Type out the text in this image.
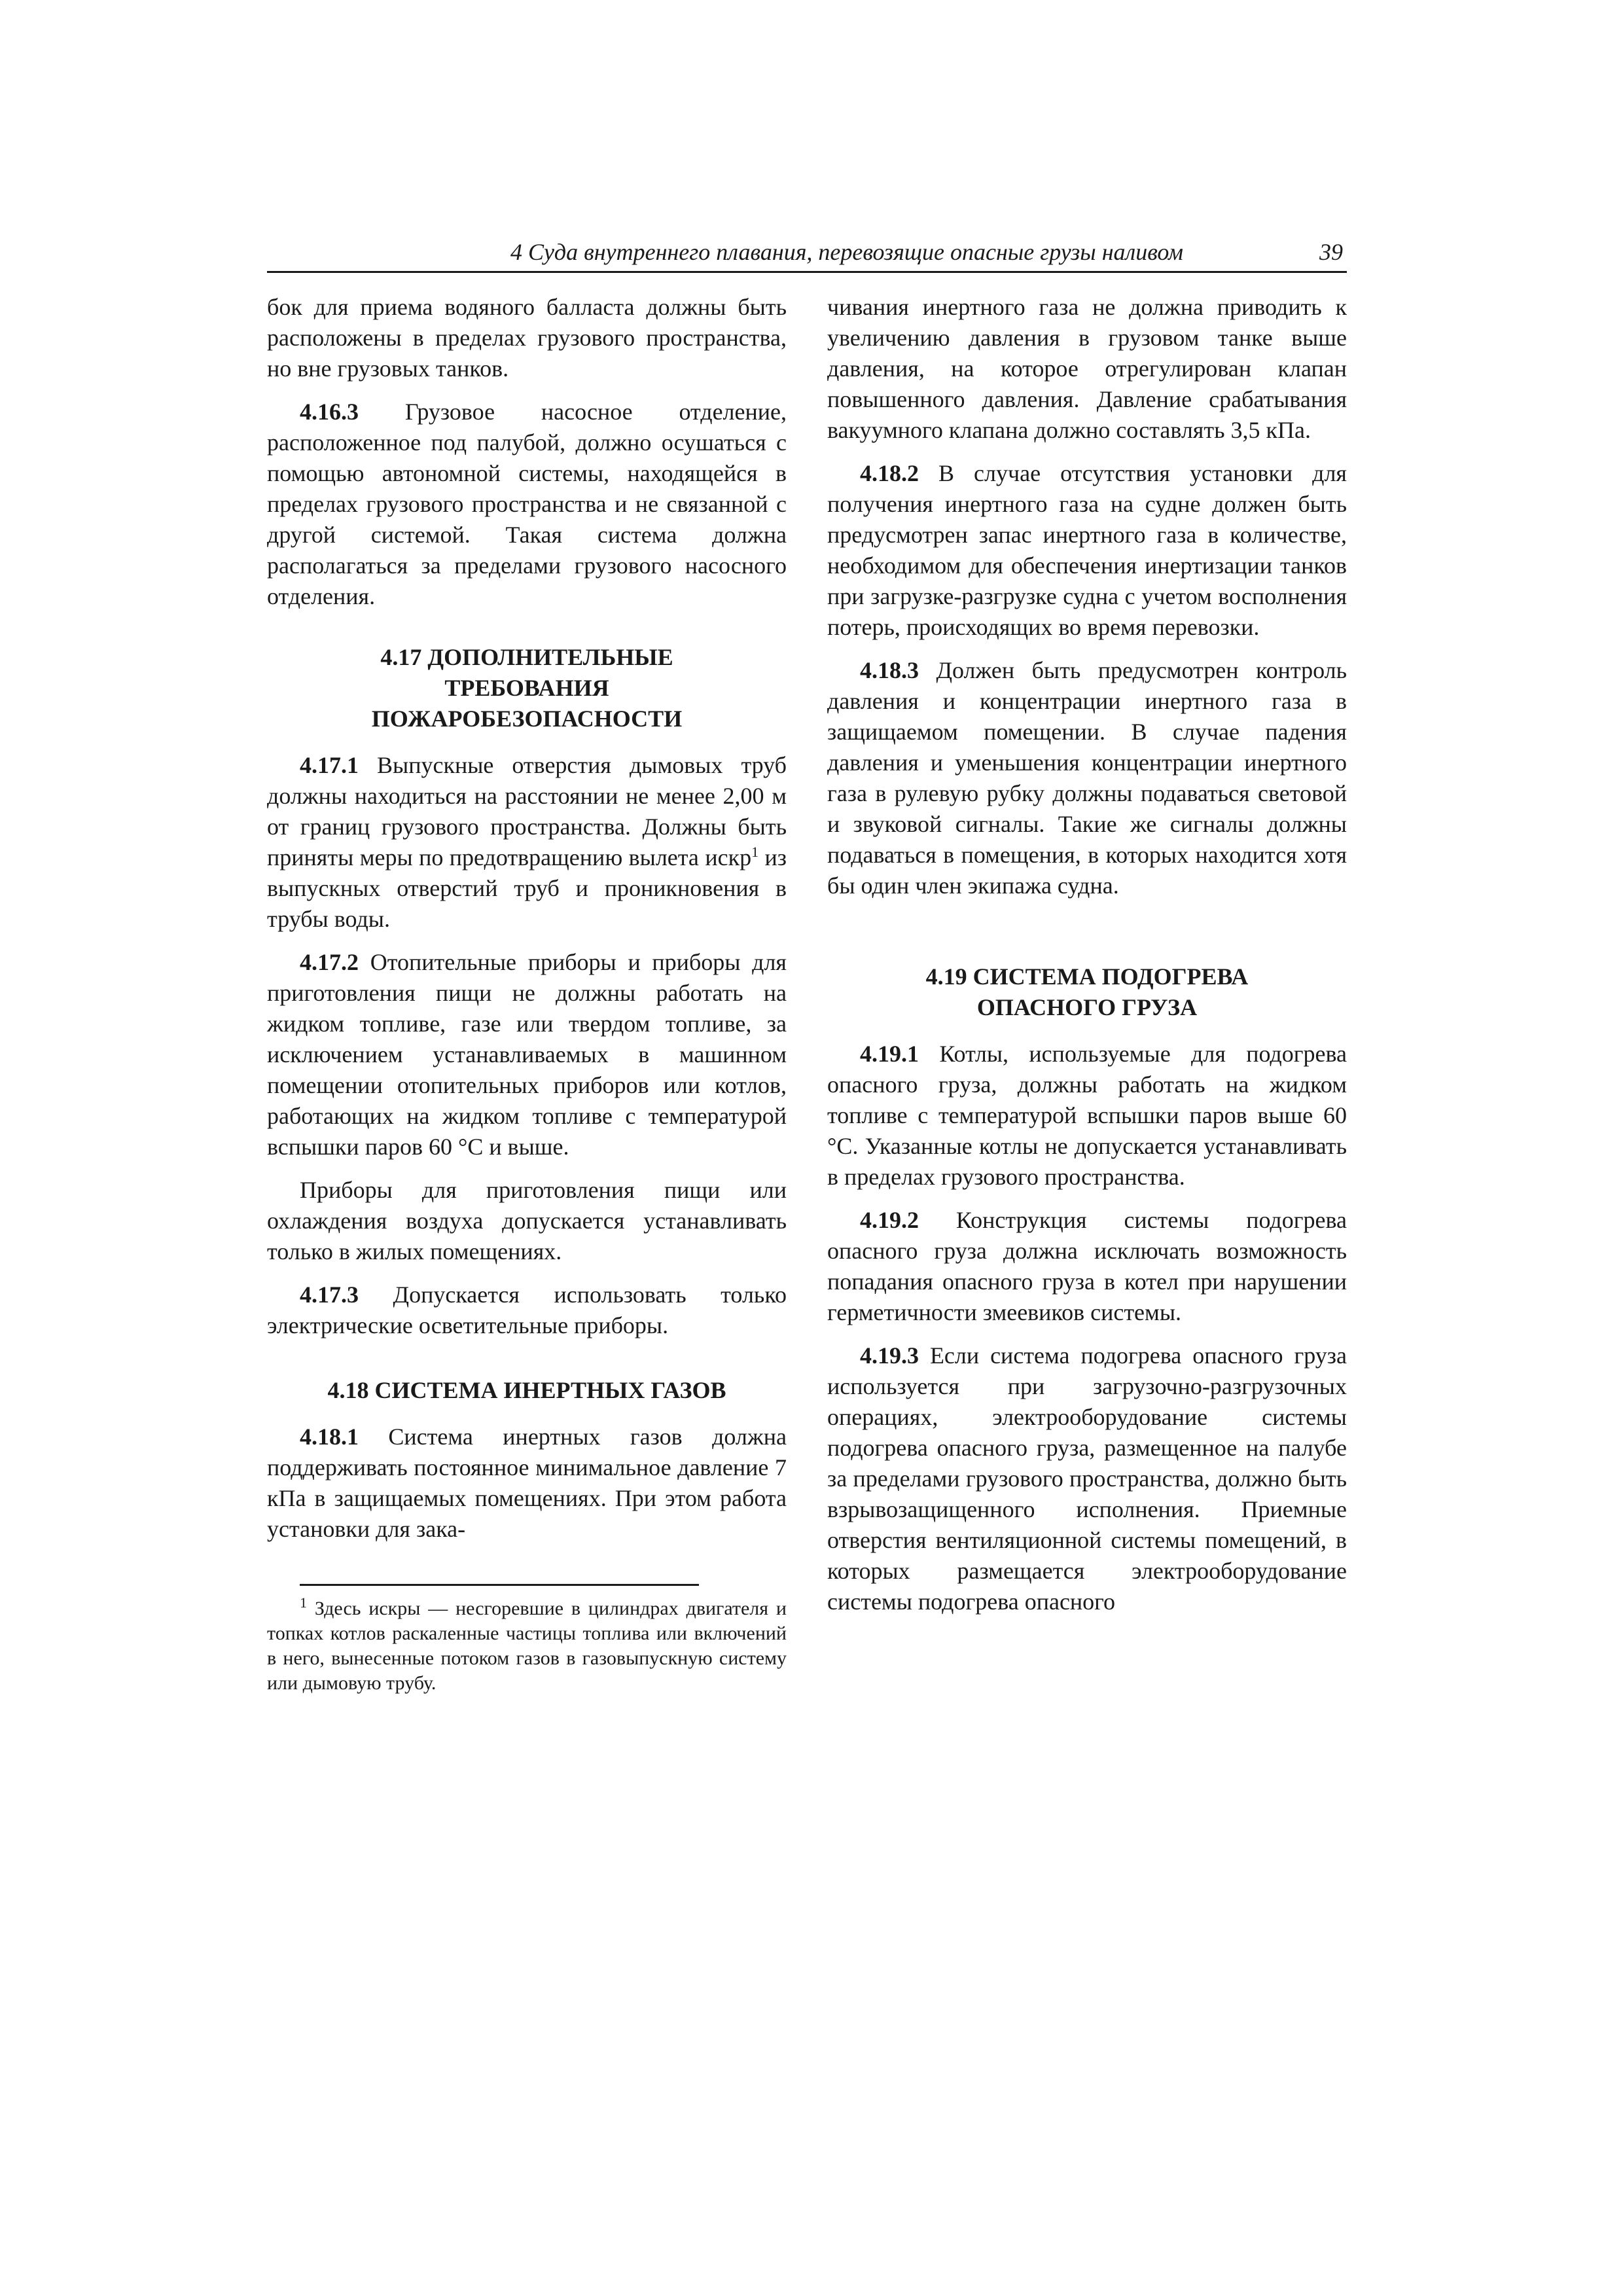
4 Суда внутреннего плавания, перевозящие опасные грузы наливом	39

бок для приема водяного балласта должны быть расположены в пределах грузового пространства, но вне грузовых танков.

4.16.3 Грузовое насосное отделение, расположенное под палубой, должно осушаться с помощью автономной системы, находящейся в пределах грузового пространства и не связанной с другой системой. Такая система должна располагаться за пределами грузового насосного отделения.

4.17 ДОПОЛНИТЕЛЬНЫЕ
ТРЕБОВАНИЯ
ПОЖАРОБЕЗОПАСНОСТИ

4.17.1 Выпускные отверстия дымовых труб должны находиться на расстоянии не менее 2,00 м от границ грузового пространства. Должны быть приняты меры по предотвращению вылета искр$^1$ из выпускных отверстий труб и проникновения в трубы воды.

4.17.2 Отопительные приборы и приборы для приготовления пищи не должны работать на жидком топливе, газе или твердом топливе, за исключением устанавливаемых в машинном помещении отопительных приборов или котлов, работающих на жидком топливе с температурой вспышки паров 60 °С и выше.

Приборы для приготовления пищи или охлаждения воздуха допускается устанавливать только в жилых помещениях.

4.17.3 Допускается использовать только электрические осветительные приборы.

4.18 СИСТЕМА ИНЕРТНЫХ ГАЗОВ

4.18.1 Система инертных газов должна поддерживать постоянное минимальное давление 7 кПа в защищаемых помещениях. При этом работа установки для зака-

$^1$ Здесь искры — несгоревшие в цилиндрах двигателя и топках котлов раскаленные частицы топлива или включений в него, вынесенные потоком газов в газовыпускную систему или дымовую трубу.

чивания инертного газа не должна приводить к увеличению давления в грузовом танке выше давления, на которое отрегулирован клапан повышенного давления. Давление срабатывания вакуумного клапана должно составлять 3,5 кПа.

4.18.2 В случае отсутствия установки для получения инертного газа на судне должен быть предусмотрен запас инертного газа в количестве, необходимом для обеспечения инертизации танков при загрузке-разгрузке судна с учетом восполнения потерь, происходящих во время перевозки.

4.18.3 Должен быть предусмотрен контроль давления и концентрации инертного газа в защищаемом помещении. В случае падения давления и уменьшения концентрации инертного газа в рулевую рубку должны подаваться световой и звуковой сигналы. Такие же сигналы должны подаваться в помещения, в которых находится хотя бы один член экипажа судна.

4.19 СИСТЕМА ПОДОГРЕВА
ОПАСНОГО ГРУЗА

4.19.1 Котлы, используемые для подогрева опасного груза, должны работать на жидком топливе с температурой вспышки паров выше 60 °С. Указанные котлы не допускается устанавливать в пределах грузового пространства.

4.19.2 Конструкция системы подогрева опасного груза должна исключать возможность попадания опасного груза в котел при нарушении герметичности змеевиков системы.

4.19.3 Если система подогрева опасного груза используется при загрузочно-разгрузочных операциях, электрооборудование системы подогрева опасного груза, размещенное на палубе за пределами грузового пространства, должно быть взрывозащищенного исполнения. Приемные отверстия вентиляционной системы помещений, в которых размещается электрооборудование системы подогрева опасного
